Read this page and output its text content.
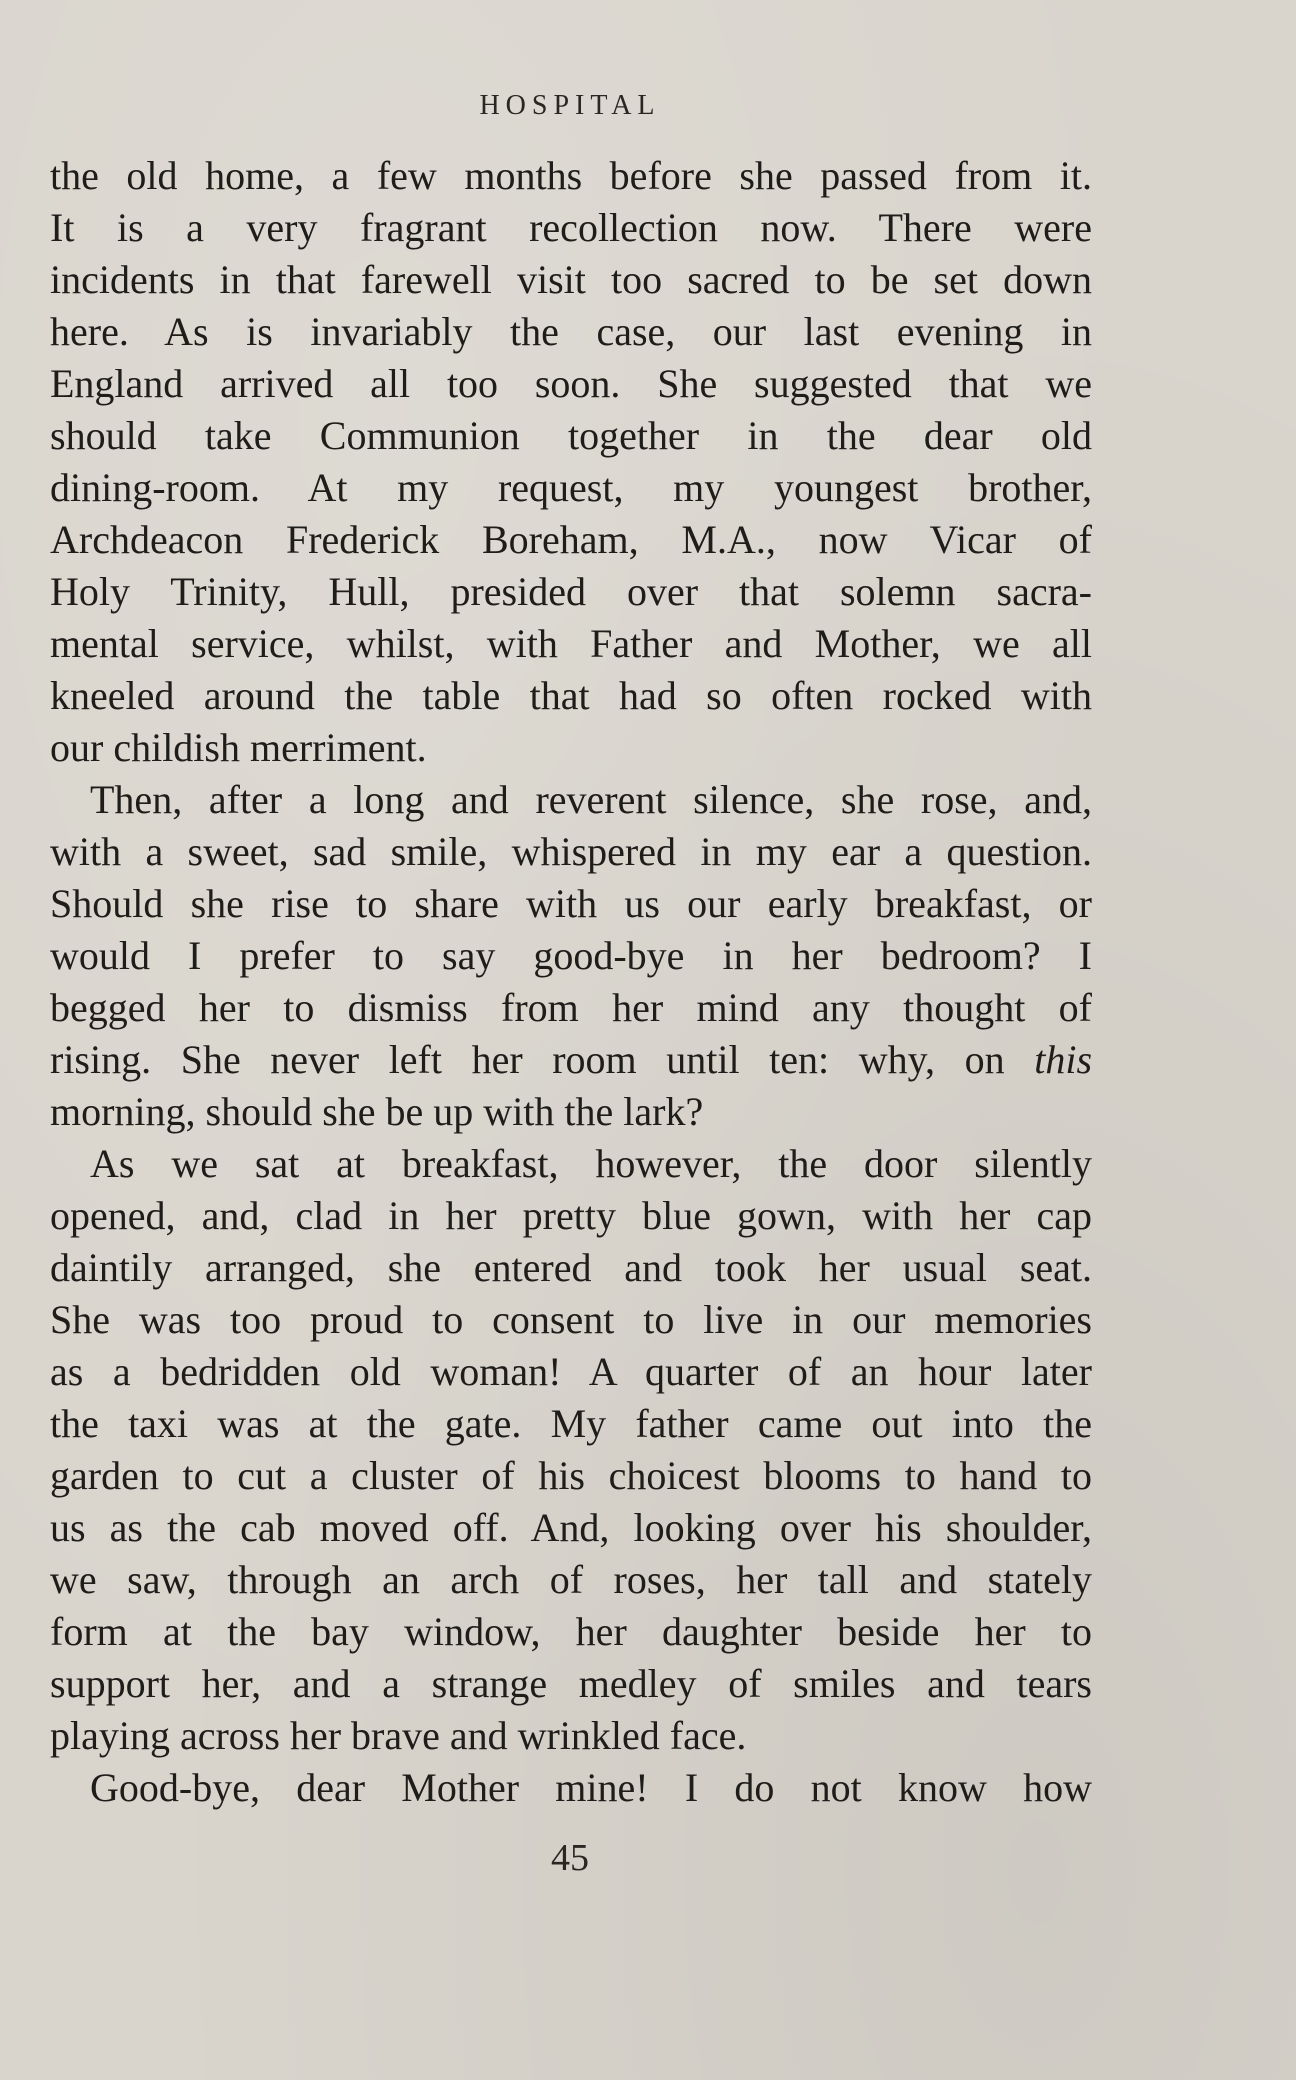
HOSPITAL
the old home, a few months before she passed from it.
It is a very fragrant recollection now. There were
incidents in that farewell visit too sacred to be set down
here. As is invariably the case, our last evening in
England arrived all too soon. She suggested that we
should take Communion together in the dear old
dining-room. At my request, my youngest brother,
Archdeacon Frederick Boreham, M.A., now Vicar of
Holy Trinity, Hull, presided over that solemn sacra-
mental service, whilst, with Father and Mother, we all
kneeled around the table that had so often rocked with
our childish merriment.
Then, after a long and reverent silence, she rose, and,
with a sweet, sad smile, whispered in my ear a question.
Should she rise to share with us our early breakfast, or
would I prefer to say good-bye in her bedroom? I
begged her to dismiss from her mind any thought of
rising. She never left her room until ten: why, on this
morning, should she be up with the lark?
As we sat at breakfast, however, the door silently
opened, and, clad in her pretty blue gown, with her cap
daintily arranged, she entered and took her usual seat.
She was too proud to consent to live in our memories
as a bedridden old woman! A quarter of an hour later
the taxi was at the gate. My father came out into the
garden to cut a cluster of his choicest blooms to hand to
us as the cab moved off. And, looking over his shoulder,
we saw, through an arch of roses, her tall and stately
form at the bay window, her daughter beside her to
support her, and a strange medley of smiles and tears
playing across her brave and wrinkled face.
Good-bye, dear Mother mine! I do not know how
45
